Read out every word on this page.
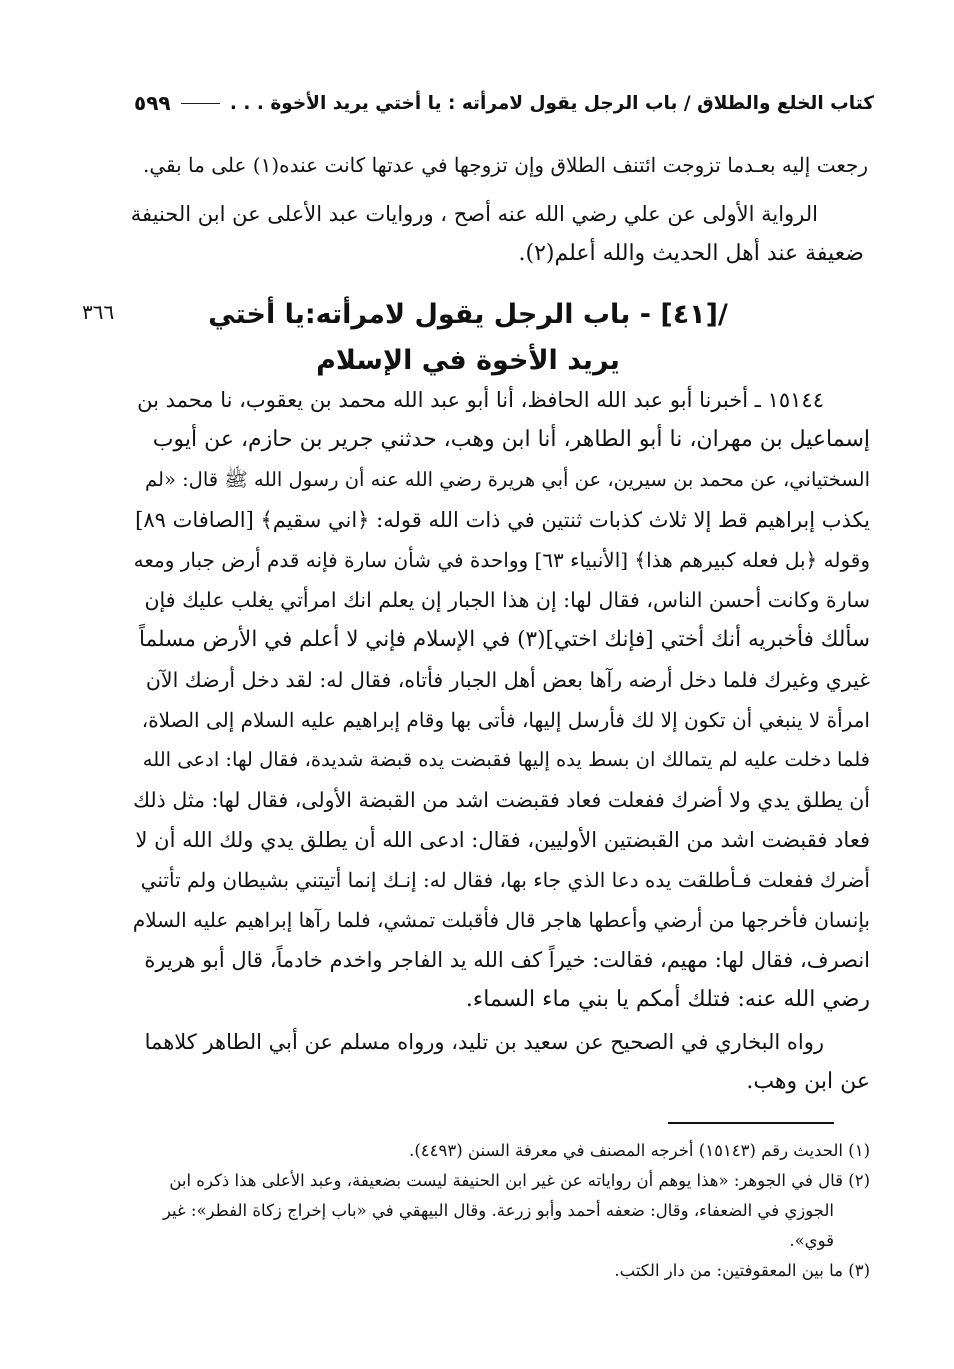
كتاب الخلع والطلاق / باب الرجل يقول لامرأته : يا أختي يريد الأخوة . . .
٥٩٩
رجعت إليه بعـدما تزوجت ائتنف الطلاق وإن تزوجها في عدتها كانت عنده(١) على ما بقي.
الرواية الأولى عن علي رضي الله عنه أصح ، وروايات عبد الأعلى عن ابن الحنيفة
ضعيفة عند أهل الحديث والله أعلم(٢).
/[٤١] - باب الرجل يقول لامرأته:يا أختي
يريد الأخوة في الإسلام
٣٦٦
١٥١٤٤ ـ أخبرنا أبو عبد الله الحافظ، أنا أبو عبد الله محمد بن يعقوب، نا محمد بن
إسماعيل بن مهران، نا أبو الطاهر، أنا ابن وهب، حدثني جرير بن حازم، عن أيوب
السختياني، عن محمد بن سيرين، عن أبي هريرة رضي الله عنه أن رسول الله ﷺ قال: «لم
يكذب إبراهيم قط إلا ثلاث كذبات ثنتين في ذات الله قوله: ﴿اني سقيم﴾ [الصافات ٨٩]
وقوله ﴿بل فعله كبيرهم هذا﴾ [الأنبياء ٦٣] وواحدة في شأن سارة فإنه قدم أرض جبار ومعه
سارة وكانت أحسن الناس، فقال لها: إن هذا الجبار إن يعلم انك امرأتي يغلب عليك فإن
سألك فأخبريه أنك أختي [فإنك اختي](٣) في الإسلام فإني لا أعلم في الأرض مسلماً
غيري وغيرك فلما دخل أرضه رآها بعض أهل الجبار فأتاه، فقال له: لقد دخل أرضك الآن
امرأة لا ينبغي أن تكون إلا لك فأرسل إليها، فأتى بها وقام إبراهيم عليه السلام إلى الصلاة،
فلما دخلت عليه لم يتمالك ان بسط يده إليها فقبضت يده قبضة شديدة، فقال لها: ادعى الله
أن يطلق يدي ولا أضرك ففعلت فعاد فقبضت اشد من القبضة الأولى، فقال لها: مثل ذلك
فعاد فقبضت اشد من القبضتين الأوليين، فقال: ادعى الله أن يطلق يدي ولك الله أن لا
أضرك ففعلت فـأطلقت يده دعا الذي جاء بها، فقال له: إنـك إنما أتيتني بشيطان ولم تأتني
بإنسان فأخرجها من أرضي وأعطها هاجر قال فأقبلت تمشي، فلما رآها إبراهيم عليه السلام
انصرف، فقال لها: مهيم، فقالت: خيراً كف الله يد الفاجر واخدم خادماً، قال أبو هريرة
رضي الله عنه: فتلك أمكم يا بني ماء السماء.
رواه البخاري في الصحيح عن سعيد بن تليد، ورواه مسلم عن أبي الطاهر كلاهما
عن ابن وهب.
(١) الحديث رقم (١٥١٤٣) أخرجه المصنف في معرفة السنن (٤٤٩٣).
(٢) قال في الجوهر: «هذا يوهم أن رواياته عن غير ابن الحنيفة ليست بضعيفة، وعبد الأعلى هذا ذكره ابن
الجوزي في الضعفاء، وقال: ضعفه أحمد وأبو زرعة. وقال البيهقي في «باب إخراج زكاة الفطر»: غير
قوي».
(٣) ما بين المعقوفتين: من دار الكتب.
